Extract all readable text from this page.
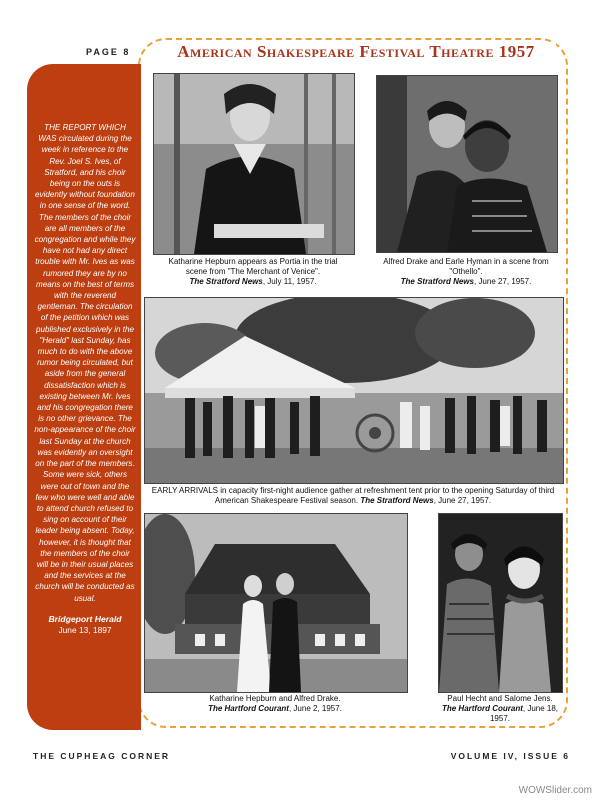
PAGE 8	American Shakespeare Festival Theatre 1957
THE REPORT WHICH WAS circulated during the week in reference to the Rev. Joel S. Ives, of Stratford, and his choir being on the outs is evidently without foundation in one sense of the word. The members of the choir are all members of the congregation and while they have not had any direct trouble with Mr. Ives as was rumored they are by no means on the best of terms with the reverend gentleman. The circulation of the petition which was published exclusively in the "Herald" last Sunday, has much to do with the above rumor being circulated, but aside from the general dissatisfaction which is existing between Mr. Ives and his congregation there is no other grievance. The non-appearance of the choir last Sunday at the church was evidently an oversight on the part of the members. Some were sick, others were out of town and the few who were well and able to attend church refused to sing on account of their leader being absent. Today, however, it is thought that the members of the choir will be in their usual places and the services at the church will be conducted as usual.
Bridgeport Herald
June 13, 1897
Katharine Hepburn appears as Portia in the trial scene from "The Merchant of Venice".
The Stratford News, July 11, 1957.
Alfred Drake and Earle Hyman in a scene from "Othello".
The Stratford News, June 27, 1957.
EARLY ARRIVALS in capacity first-night audience gather at refreshment tent prior to the opening Saturday of third American Shakespeare Festival season. The Stratford News, June 27, 1957.
Katharine Hepburn and Alfred Drake.
The Hartford Courant, June 2, 1957.
Paul Hecht and Salome Jens.
The Hartford Courant, June 18, 1957.
THE CUPHEAG CORNER	VOLUME IV, ISSUE 6
WOWSlider.com
